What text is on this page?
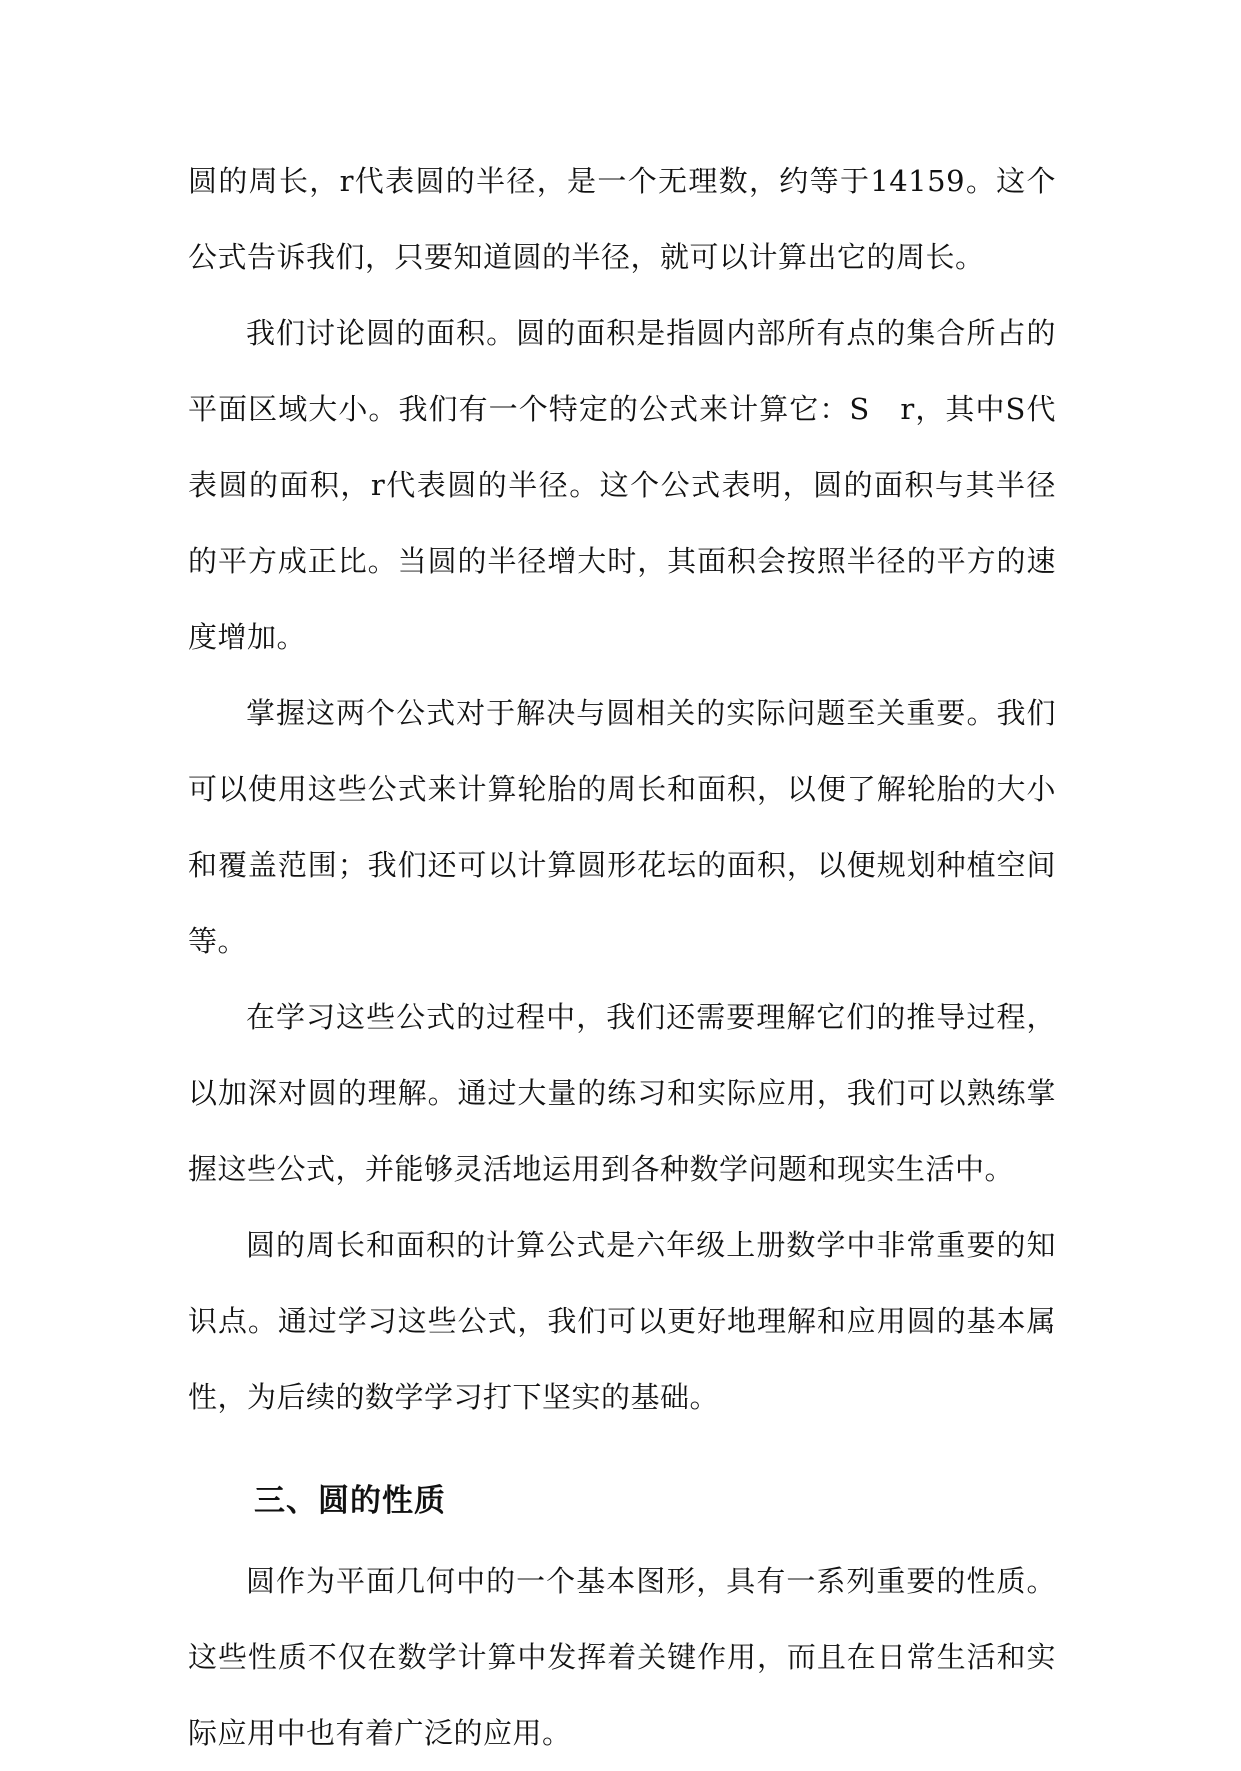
圆的周长，r代表圆的半径，是一个无理数，约等于14159。这个公式告诉我们，只要知道圆的半径，就可以计算出它的周长。

我们讨论圆的面积。圆的面积是指圆内部所有点的集合所占的平面区域大小。我们有一个特定的公式来计算它：S　r，其中S代表圆的面积，r代表圆的半径。这个公式表明，圆的面积与其半径的平方成正比。当圆的半径增大时，其面积会按照半径的平方的速度增加。

掌握这两个公式对于解决与圆相关的实际问题至关重要。我们可以使用这些公式来计算轮胎的周长和面积，以便了解轮胎的大小和覆盖范围；我们还可以计算圆形花坛的面积，以便规划种植空间等。

在学习这些公式的过程中，我们还需要理解它们的推导过程，以加深对圆的理解。通过大量的练习和实际应用，我们可以熟练掌握这些公式，并能够灵活地运用到各种数学问题和现实生活中。

圆的周长和面积的计算公式是六年级上册数学中非常重要的知识点。通过学习这些公式，我们可以更好地理解和应用圆的基本属性，为后续的数学学习打下坚实的基础。

三、圆的性质

圆作为平面几何中的一个基本图形，具有一系列重要的性质。这些性质不仅在数学计算中发挥着关键作用，而且在日常生活和实际应用中也有着广泛的应用。
